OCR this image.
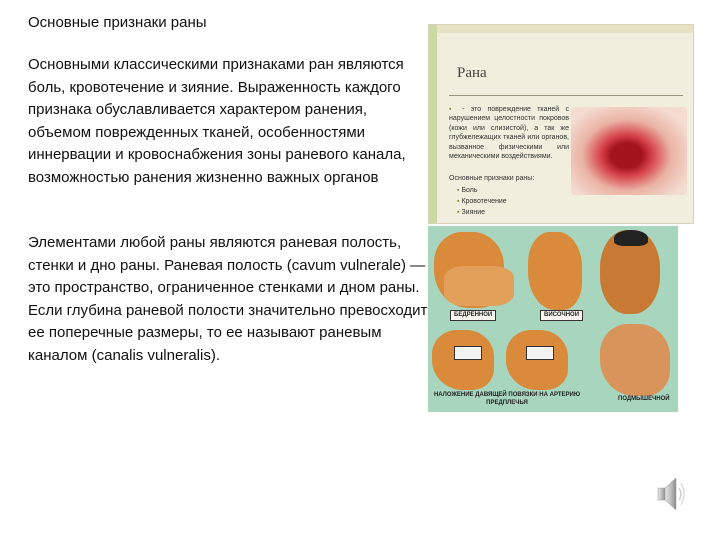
Основные признаки раны

Основными классическими признаками ран являются боль, кровотечение и зияние. Выраженность каждого признака обуславливается характером ранения, объемом поврежденных тканей, особенностями иннервации и кровоснабжения зоны раневого канала, возможностью ранения жизненно важных органов

Элементами любой раны являются раневая полость, стенки и дно раны. Раневая полость (cavum vulnerale) — это пространство, ограниченное стенками и дном раны. Если глубина раневой полости значительно превосходит ее поперечные размеры, то ее называют раневым каналом (canalis vulneralis).

Рана

▪ - это повреждение тканей с нарушением целостности покровов (кожи или слизистой), а так же глубжележащих тканей или органов, вызванное физическими или механическими воздействиями.

Основные признаки раны:
▪ Боль
▪ Кровотечение
▪ Зияние
БЕДРЕННОЙ	ВИСОЧНОЙ
НАЛОЖЕНИЕ ДАВЯЩЕЙ ПОВЯЗКИ НА АРТЕРИЮ ПРЕДПЛЕЧЬЯ
ПОДМЫШЕЧНОЙ
